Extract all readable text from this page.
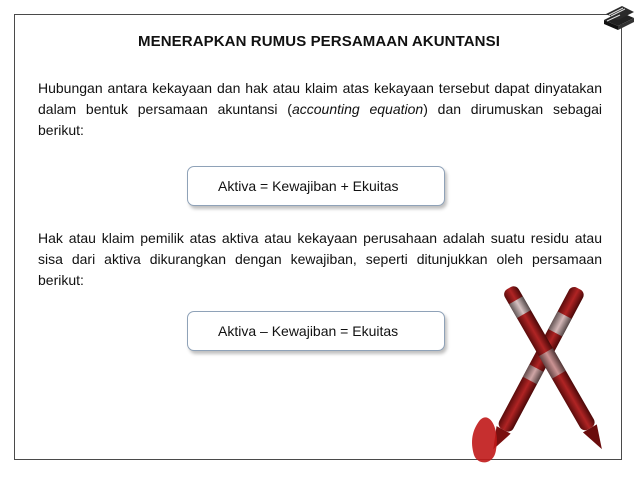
MENERAPKAN RUMUS PERSAMAAN AKUNTANSI
Hubungan antara kekayaan dan hak atau klaim atas kekayaan tersebut dapat dinyatakan dalam bentuk persamaan akuntansi (accounting equation) dan dirumuskan sebagai berikut:
Aktiva = Kewajiban + Ekuitas
Hak atau klaim pemilik atas aktiva atau kekayaan perusahaan adalah suatu residu atau sisa dari aktiva dikurangkan dengan kewajiban, seperti ditunjukkan oleh persamaan berikut:
Aktiva – Kewajiban = Ekuitas
